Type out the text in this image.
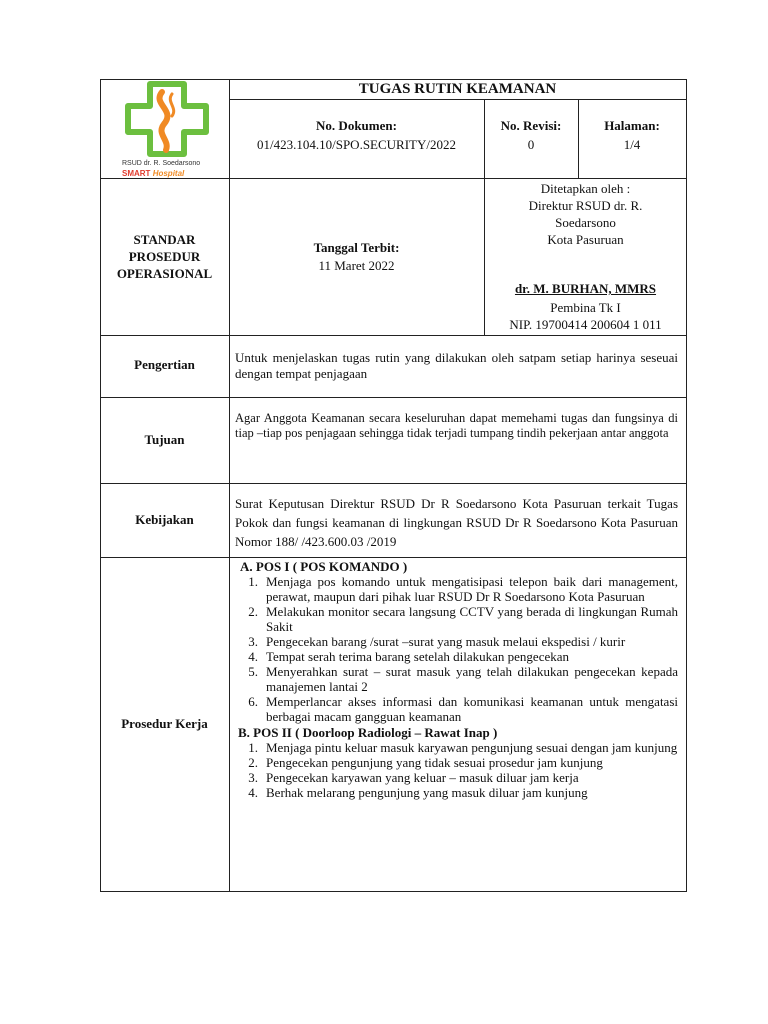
RSUD dr. R. Soedarsono
SMART Hospital
TUGAS RUTIN KEAMANAN
No. Dokumen:
01/423.104.10/SPO.SECURITY/2022
No. Revisi:
0
Halaman:
1/4
STANDAR
PROSEDUR
OPERASIONAL
Tanggal Terbit:
11 Maret 2022
Ditetapkan oleh :
Direktur RSUD dr. R.
Soedarsono
Kota Pasuruan
dr. M. BURHAN, MMRS
Pembina Tk I
NIP. 19700414 200604 1 011
Pengertian	Untuk menjelaskan tugas rutin yang dilakukan oleh satpam setiap harinya seseuai dengan tempat penjagaan
Tujuan
Agar Anggota Keamanan secara keseluruhan dapat memehami tugas dan fungsinya di tiap –tiap pos penjagaan sehingga tidak terjadi tumpang tindih pekerjaan antar anggota
Kebijakan
Surat Keputusan Direktur RSUD Dr R Soedarsono Kota Pasuruan terkait Tugas Pokok dan fungsi keamanan di lingkungan RSUD Dr R Soedarsono Kota Pasuruan Nomor 188/ /423.600.03 /2019
Prosedur Kerja
A. POS I ( POS KOMANDO )
1. Menjaga pos komando untuk mengatisipasi telepon baik dari management, perawat, maupun dari pihak luar RSUD Dr R Soedarsono Kota Pasuruan
2. Melakukan monitor secara langsung CCTV yang berada di lingkungan Rumah Sakit
3. Pengecekan barang /surat –surat yang masuk melaui ekspedisi / kurir
4. Tempat serah terima barang setelah dilakukan pengecekan
5. Menyerahkan surat – surat masuk yang telah dilakukan pengecekan kepada manajemen lantai 2
6. Memperlancar akses informasi dan komunikasi keamanan untuk mengatasi berbagai macam gangguan keamanan
B. POS II ( Doorloop Radiologi – Rawat Inap )
1. Menjaga pintu keluar masuk karyawan pengunjung sesuai dengan jam kunjung
2. Pengecekan pengunjung yang tidak sesuai prosedur jam kunjung
3. Pengecekan karyawan yang keluar – masuk diluar jam kerja
4. Berhak melarang pengunjung yang masuk diluar jam kunjung
